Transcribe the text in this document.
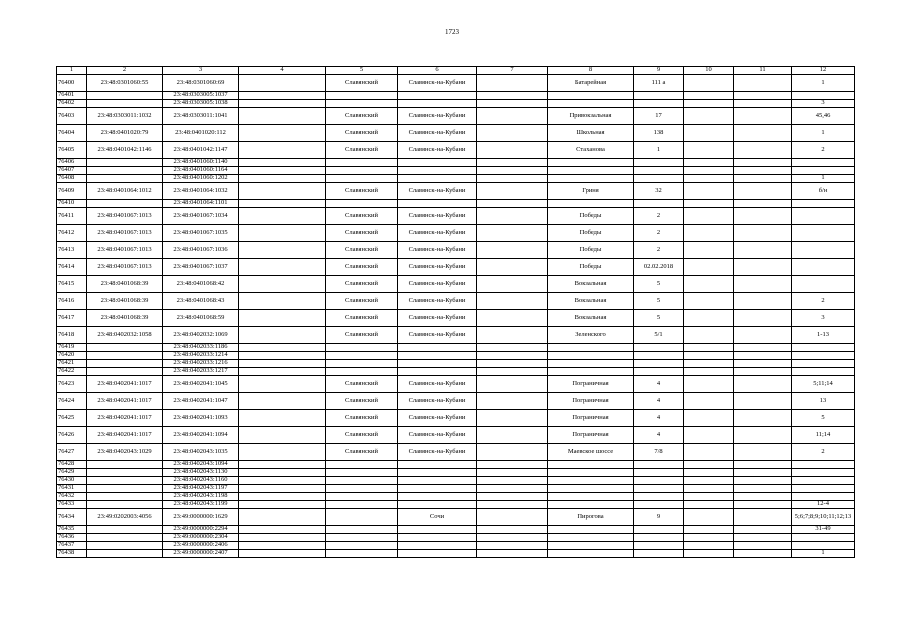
1723
1	2	3	4	5	6	7	8	9	10	11	12
76400	23:48:0301060:55	23:48:0301060:69		Славянский	Славянск-на-Кубани		Батарейная	111 а			1
76401		23:48:0303005:1037									
76402		23:48:0303005:1038									3
76403	23:48:0303011:1032	23:48:0303011:1041		Славянский	Славянск-на-Кубани		Привокзальная	17			45,46
76404	23:48:0401020:79	23:48:0401020:112		Славянский	Славянск-на-Кубани		Школьная	138			1
76405	23:48:0401042:1146	23:48:0401042:1147		Славянский	Славянск-на-Кубани		Стаханова	1			2
76406		23:48:0401060:1140									
76407		23:48:0401060:1164									
76408		23:48:0401060:1202									1
76409	23:48:0401064:1012	23:48:0401064:1032		Славянский	Славянск-на-Кубани		Гриня	32			б/н
76410		23:48:0401064:1101									
76411	23:48:0401067:1013	23:48:0401067:1034		Славянский	Славянск-на-Кубани		Победы	2			
76412	23:48:0401067:1013	23:48:0401067:1035		Славянский	Славянск-на-Кубани		Победы	2			
76413	23:48:0401067:1013	23:48:0401067:1036		Славянский	Славянск-на-Кубани		Победы	2			
76414	23:48:0401067:1013	23:48:0401067:1037		Славянский	Славянск-на-Кубани		Победы	02.02.2018			
76415	23:48:0401068:39	23:48:0401068:42		Славянский	Славянск-на-Кубани		Вокзальная	5			
76416	23:48:0401068:39	23:48:0401068:43		Славянский	Славянск-на-Кубани		Вокзальная	5			2
76417	23:48:0401068:39	23:48:0401068:59		Славянский	Славянск-на-Кубани		Вокзальная	5			3
76418	23:48:0402032:1058	23:48:0402032:1069		Славянский	Славянск-на-Кубани		Зеленского	5/1			1-13
76419		23:48:0402033:1186									
76420		23:48:0402033:1214									
76421		23:48:0402033:1216									
76422		23:48:0402033:1217									
76423	23:48:0402041:1017	23:48:0402041:1045		Славянский	Славянск-на-Кубани		Пограничная	4			5;11;14
76424	23:48:0402041:1017	23:48:0402041:1047		Славянский	Славянск-на-Кубани		Пограничная	4			13
76425	23:48:0402041:1017	23:48:0402041:1093		Славянский	Славянск-на-Кубани		Пограничная	4			5
76426	23:48:0402041:1017	23:48:0402041:1094		Славянский	Славянск-на-Кубани		Пограничная	4			11;14
76427	23:48:0402043:1029	23:48:0402043:1035		Славянский	Славянск-на-Кубани		Маевское шоссе	7/8			2
76428		23:48:0402043:1094									
76429		23:48:0402043:1130									
76430		23:48:0402043:1160									
76431		23:48:0402043:1197									
76432		23:48:0402043:1198									
76433		23:48:0402043:1199									12-4
76434	23:49:0202003:4056	23:49:0000000:1629			Сочи		Пирогова	9			5;6;7;8;9;10;11;12;13
76435		23:49:0000000:2294									31-49
76436		23:49:0000000:2304									
76437		23:49:0000000:2406									
76438		23:49:0000000:2407									1
